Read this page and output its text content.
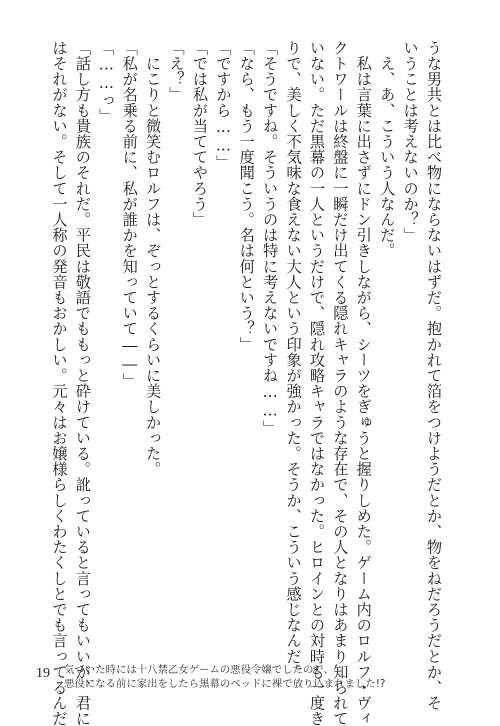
うな男共とは比べ物にならないはずだ。抱かれて箔をつけようだとか、物をねだろうだとか、そ
いうことは考えないのか？」
　え、あ、こういう人なんだ。
　私は言葉に出さずにドン引きしながら、シーツをぎゅうと握りしめた。ゲーム内のロルフ・ヴィ
クトワールは終盤に一瞬だけ出てくる隠れキャラのような存在で、その人となりはあまり知られて
いない。ただ黒幕の一人というだけで、隠れ攻略キャラではなかった。ヒロインとの対時も一度き
りで、美しく不気味な食えない大人という印象が強かった。そうか、こういう感じなんだ。
「そうですね。そういうのは特に考えないですね……」
「なら、もう一度聞こう。名は何という？」
「ですから……」
「では私が当ててやろう」
「え？」
　にこりと微笑むロルフは、ぞっとするくらいに美しかった。
「私が名乗る前に、私が誰かを知っていて――」
「……っ」
「話し方も貴族のそれだ。平民は敬語でももっと砕けている。訛っていると言ってもいいが、君に
はそれがない。そして一人称の発音もおかしい。元々はお嬢様らしくわたくしとでも言ってるんだ
19 気づいた時には十八禁乙女ゲームの悪役令嬢でしたので、
悪役になる前に家出をしたら黒幕のベッドに裸で放り込まれました!?
